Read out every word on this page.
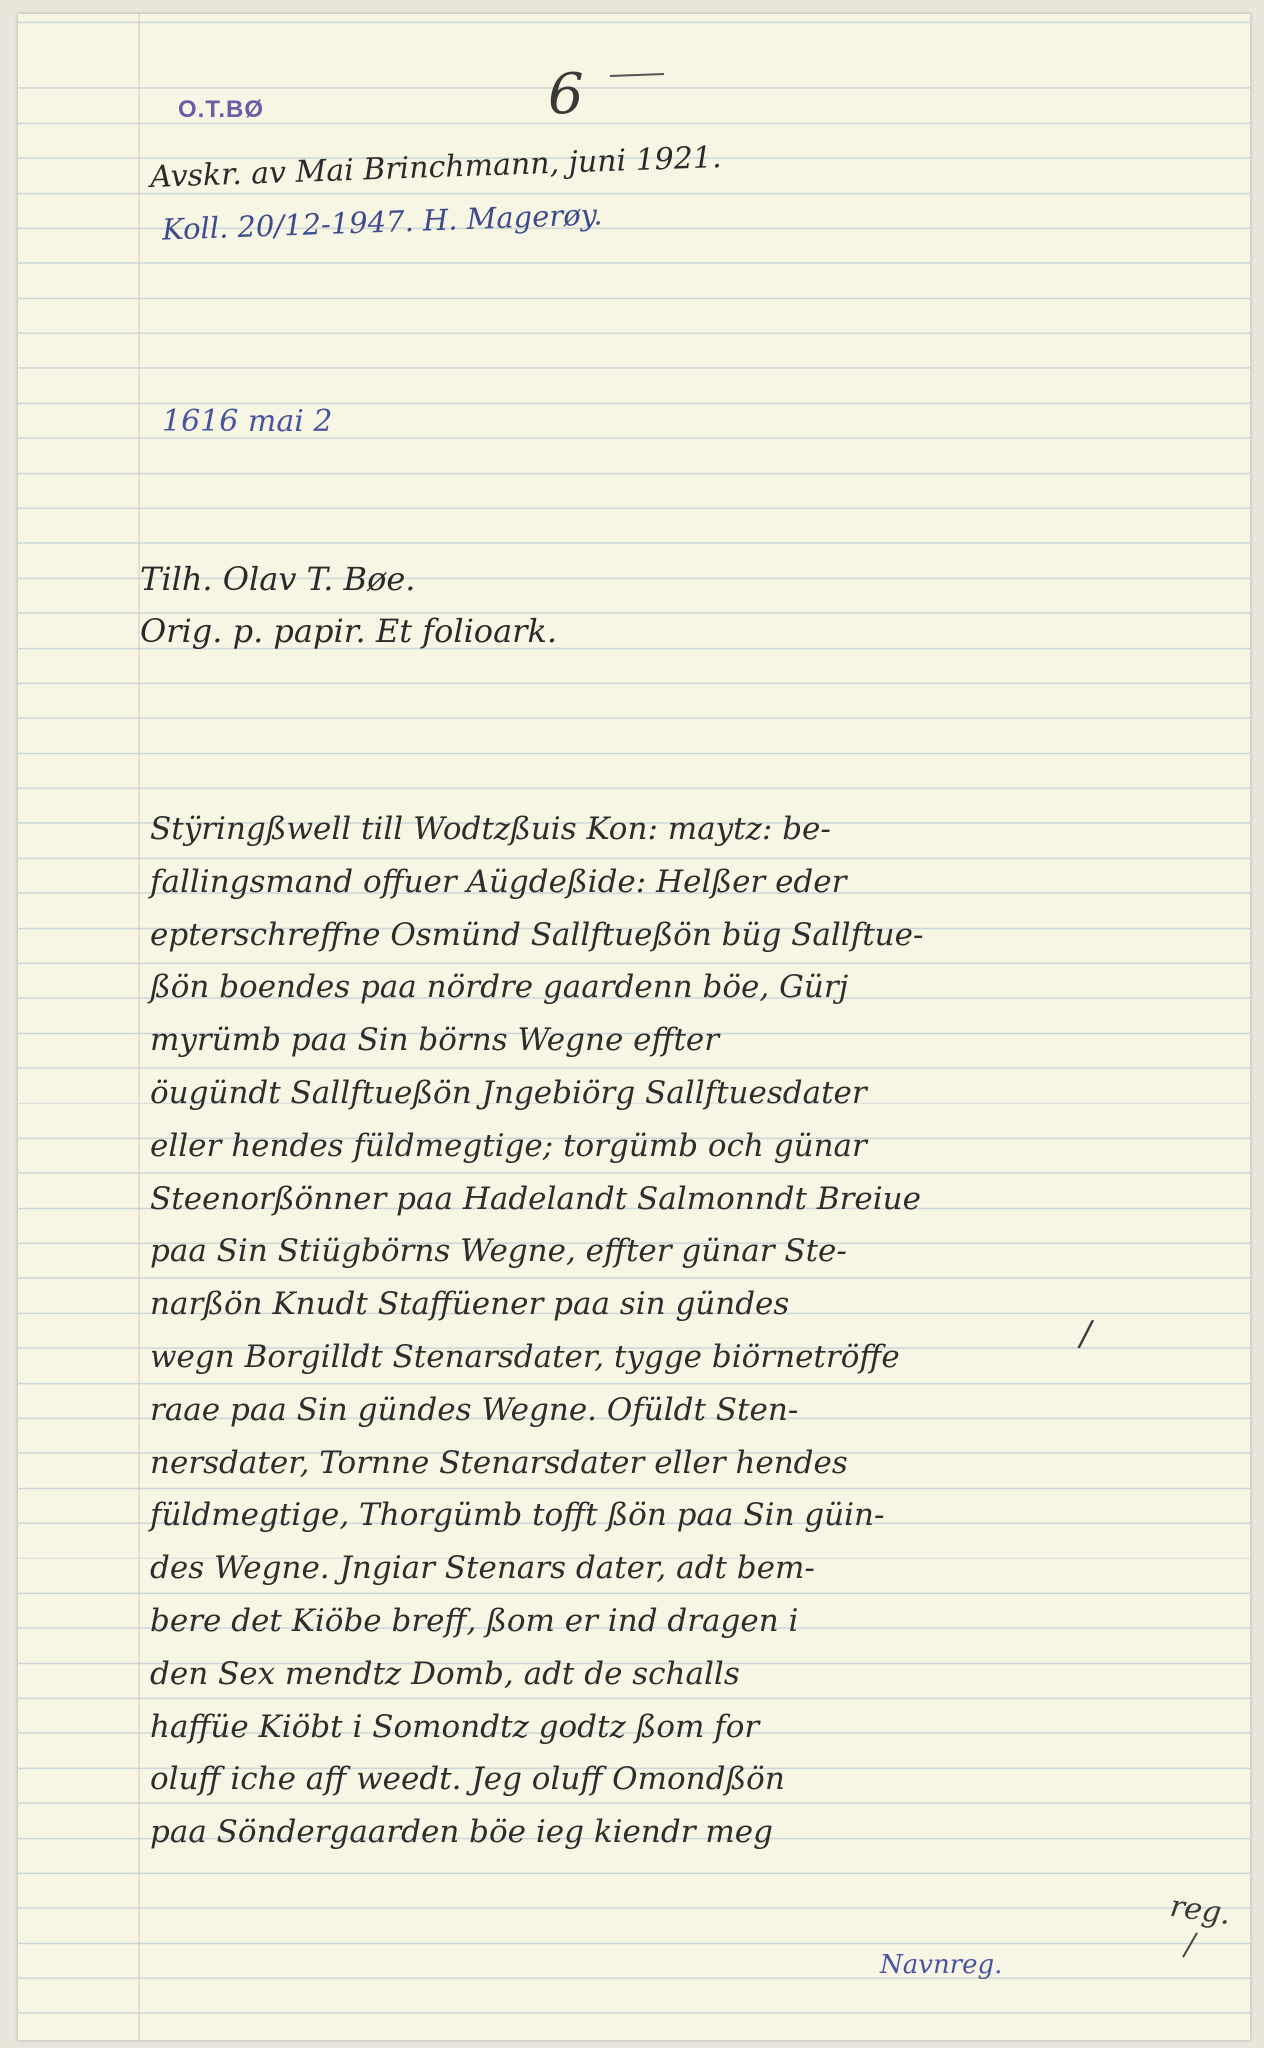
O.T.BØ	6
Avskr. av Mai Brinchmann, juni 1921.
Koll. 20/12-1947. H. Magerøy.
1616 mai 2
Tilh. Olav T. Bøe.
Orig. p. papir. Et folioark.
Stÿringßwell till Wodtzßuis Kon: maytz: be-
fallingsmand offuer Aügdeßide: Helßer eder
epterschreffne Osmünd Sallftueßön büg Sallftue-
ßön boendes paa nördre gaardenn böe, Gürj
myrümb paa Sin börns Wegne effter
öugündt Sallftueßön Jngebiörg Sallftuesdater
eller hendes füldmegtige; torgümb och günar
Steenorßönner paa Hadelandt Salmonndt Breiue
paa Sin Stiügbörns Wegne, effter günar Ste-
narßön Knudt Staffüener paa sin gündes
wegn Borgilldt Stenarsdater, tygge biörnetröffe
raae paa Sin gündes Wegne. Ofüldt Sten-
nersdater, Tornne Stenarsdater eller hendes
füldmegtige, Thorgümb tofft ßön paa Sin güin-
des Wegne. Jngiar Stenars dater, adt bem-
bere det Kiöbe breff, ßom er ind dragen i
den Sex mendtz Domb, adt de schalls
haffüe Kiöbt i Somondtz godtz ßom for
oluff iche aff weedt. Jeg oluff Omondßön
paa Söndergaarden böe ieg kiendr meg
/
reg.
Navnreg.
